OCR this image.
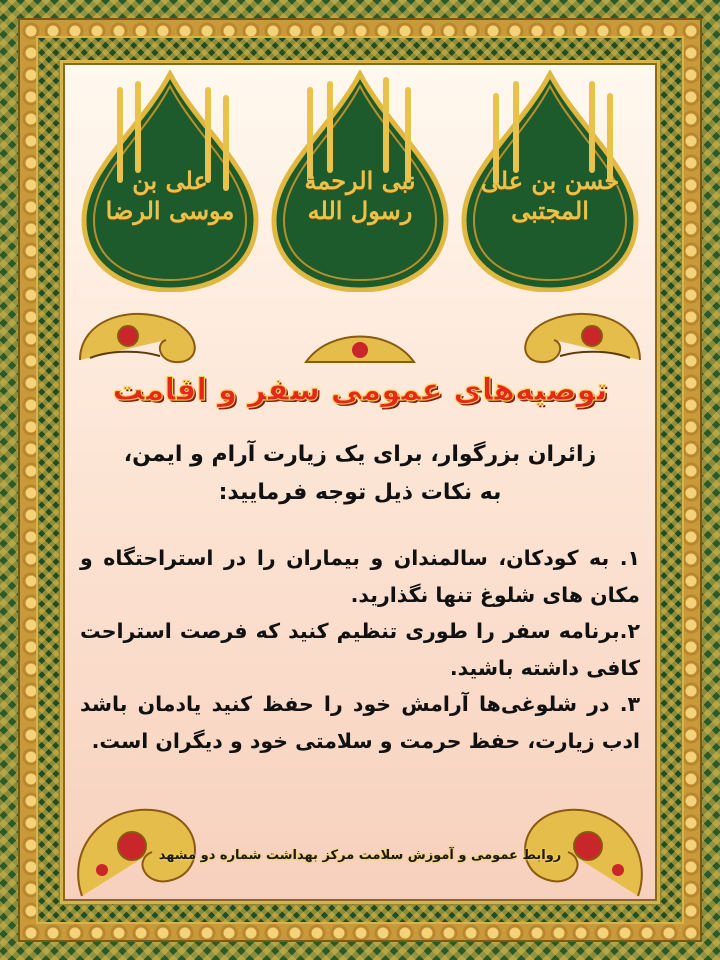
علی بن موسی الرضا
نبی الرحمة رسول الله
حسن بن علی المجتبی
توصیه‌های عمومی سفر و اقامت
زائران بزرگوار، برای یک زیارت آرام و ایمن،
به نکات ذیل توجه فرمایید:

۱. به کودکان، سالمندان و بیماران را در استراحتگاه و مکان های شلوغ تنها نگذارید.

۲.برنامه سفر را طوری تنظیم کنید که فرصت استراحت کافی داشته باشید.

۳. در شلوغی‌ها آرامش خود را حفظ کنید یادمان باشد ادب زیارت، حفظ حرمت و سلامتی خود و دیگران است.

روابط عمومی و آموزش سلامت مرکز بهداشت شماره دو مشهد
